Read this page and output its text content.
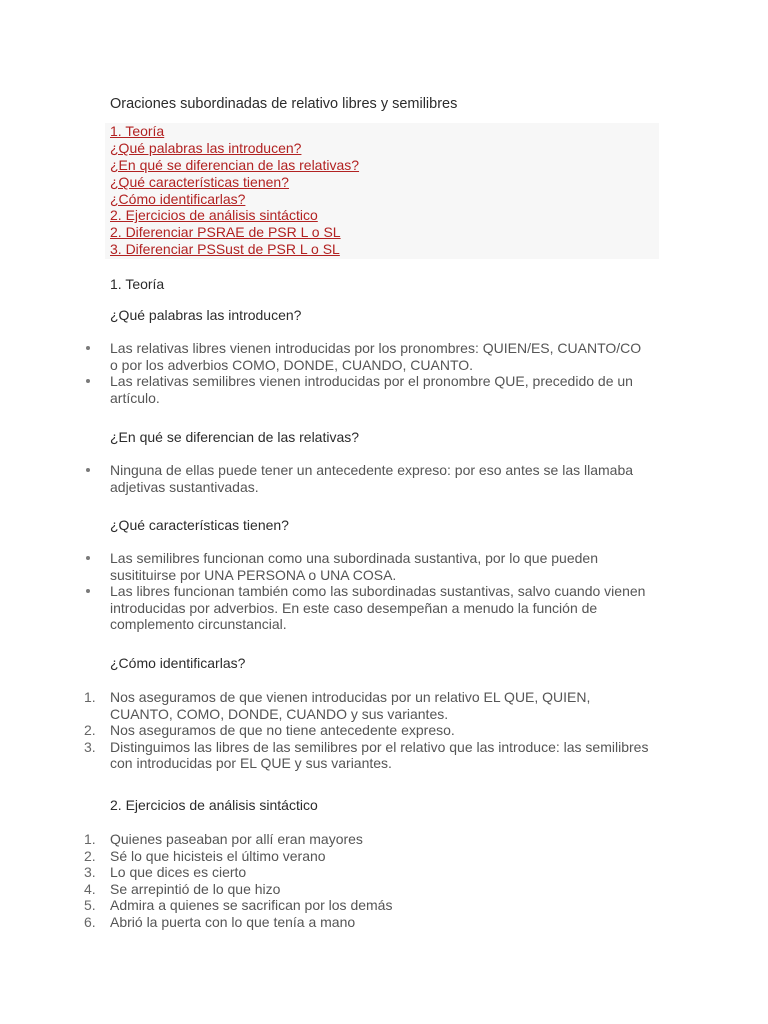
Oraciones subordinadas de relativo libres y semilibres
1. Teoría
¿Qué palabras las introducen?
¿En qué se diferencian de las relativas?
¿Qué características tienen?
¿Cómo identificarlas?
2. Ejercicios de análisis sintáctico
2. Diferenciar PSRAE de PSR L o SL
3. Diferenciar PSSust de PSR L o SL
1. Teoría
¿Qué palabras las introducen?
Las relativas libres vienen introducidas por los pronombres: QUIEN/ES, CUANTO/CO o por los adverbios COMO, DONDE, CUANDO, CUANTO.
Las relativas semilibres vienen introducidas por el pronombre QUE, precedido de un artículo.
¿En qué se diferencian de las relativas?
Ninguna de ellas puede tener un antecedente expreso: por eso antes se las llamaba adjetivas sustantivadas.
¿Qué características tienen?
Las semilibres funcionan como una subordinada sustantiva, por lo que pueden susitituirse por UNA PERSONA o UNA COSA.
Las libres funcionan también como las subordinadas sustantivas, salvo cuando vienen introducidas por adverbios. En este caso desempeñan a menudo la función de complemento circunstancial.
¿Cómo identificarlas?
1.	Nos aseguramos de que vienen introducidas por un relativo EL QUE, QUIEN, CUANTO, COMO, DONDE, CUANDO y sus variantes.
2.	Nos aseguramos de que no tiene antecedente expreso.
3.	Distinguimos las libres de las semilibres por el relativo que las introduce: las semilibres con introducidas por EL QUE y sus variantes.
2. Ejercicios de análisis sintáctico
1.	Quienes paseaban por allí eran mayores
2.	Sé lo que hicisteis el último verano
3.	Lo que dices es cierto
4.	Se arrepintió de lo que hizo
5.	Admira a quienes se sacrifican por los demás
6.	Abrió la puerta con lo que tenía a mano
